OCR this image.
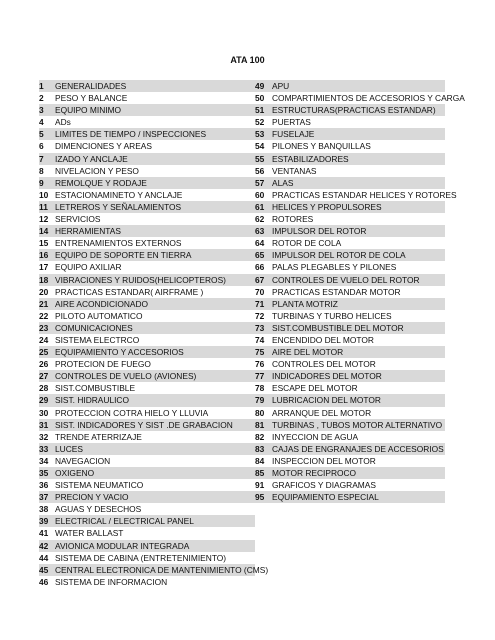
ATA 100
1	GENERALIDADES
2	PESO Y BALANCE
3	EQUIPO MINIMO
4	ADs
5	LIMITES DE TIEMPO / INSPECCIONES
6	DIMENCIONES Y AREAS
7	IZADO Y ANCLAJE
8	NIVELACION Y PESO
9	REMOLQUE Y RODAJE
10 ESTACIONAMINETO Y ANCLAJE
11 LETREROS Y SEÑALAMIENTOS
12 SERVICIOS
14 HERRAMIENTAS
15 ENTRENAMIENTOS EXTERNOS
16 EQUIPO DE SOPORTE EN TIERRA
17 EQUIPO AXILIAR
18 VIBRACIONES Y RUIDOS(HELICOPTEROS)
20 PRACTICAS ESTANDAR( AIRFRAME )
21 AIRE ACONDICIONADO
22 PILOTO AUTOMATICO
23 COMUNICACIONES
24 SISTEMA ELECTRCO
25 EQUIPAMIENTO Y ACCESORIOS
26 PROTECION DE FUEGO
27 CONTROLES DE VUELO (AVIONES)
28 SIST.COMBUSTIBLE
29 SIST. HIDRAULICO
30 PROTECCION COTRA HIELO Y LLUVIA
31 SIST. INDICADORES Y SIST .DE GRABACION
32 TRENDE ATERRIZAJE
33 LUCES
34 NAVEGACION
35 OXIGENO
36 SISTEMA NEUMATICO
37 PRECION Y VACIO
38 AGUAS Y DESECHOS
39 ELECTRICAL / ELECTRICAL PANEL
41 WATER BALLAST
42 AVIONICA MODULAR INTEGRADA
44 SISTEMA DE CABINA (ENTRETENIMIENTO)
45 CENTRAL ELECTRONICA DE MANTENIMIENTO (CMS)
46 SISTEMA DE INFORMACION
49 APU
50 COMPARTIMIENTOS DE ACCESORIOS Y CARGA
51 ESTRUCTURAS(PRACTICAS ESTANDAR)
52 PUERTAS
53 FUSELAJE
54 PILONES Y BANQUILLAS
55 ESTABILIZADORES
56 VENTANAS
57 ALAS
60 PRACTICAS ESTANDAR HELICES Y ROTORES
61 HELICES Y PROPULSORES
62 ROTORES
63 IMPULSOR DEL ROTOR
64 ROTOR DE COLA
65 IMPULSOR DEL ROTOR DE COLA
66 PALAS PLEGABLES Y PILONES
67 CONTROLES DE VUELO DEL ROTOR
70 PRACTICAS ESTANDAR MOTOR
71 PLANTA MOTRIZ
72 TURBINAS Y TURBO HELICES
73 SIST.COMBUSTIBLE DEL MOTOR
74 ENCENDIDO DEL MOTOR
75 AIRE DEL MOTOR
76 CONTROLES DEL MOTOR
77 INDICADORES DEL MOTOR
78 ESCAPE DEL MOTOR
79 LUBRICACION DEL MOTOR
80 ARRANQUE DEL MOTOR
81 TURBINAS , TUBOS MOTOR ALTERNATIVO
82 INYECCION DE AGUA
83 CAJAS DE ENGRANAJES DE ACCESORIOS
84 INSPECCION DEL MOTOR
85 MOTOR RECIPROCO
91 GRAFICOS Y DIAGRAMAS
95 EQUIPAMIENTO ESPECIAL
